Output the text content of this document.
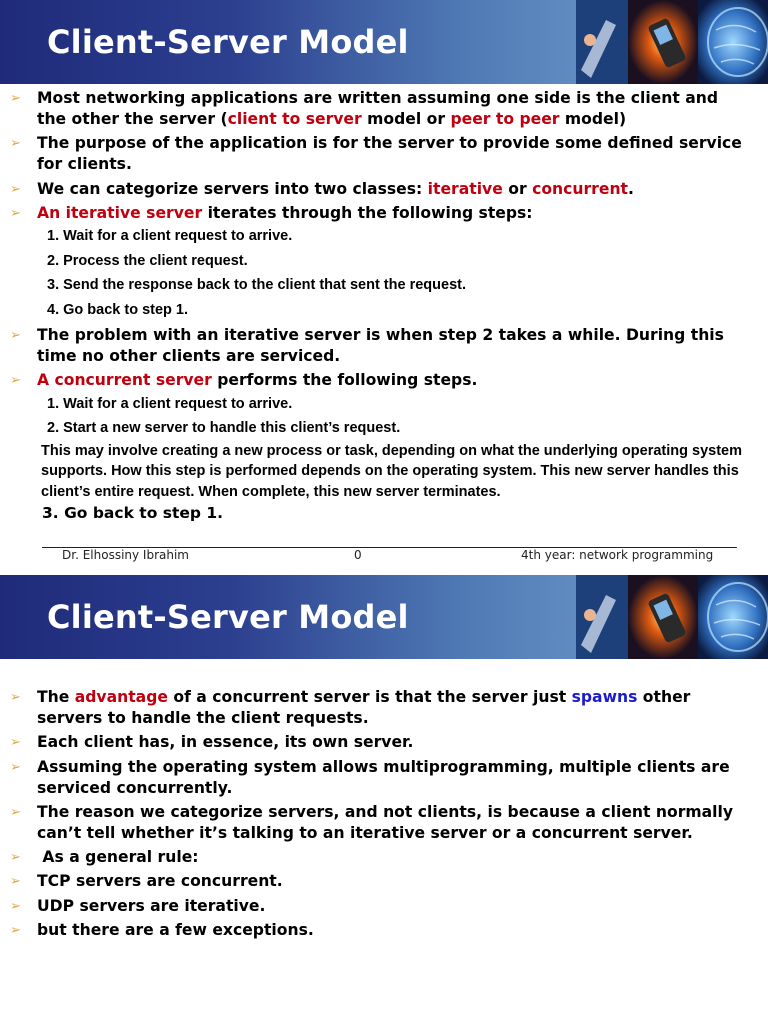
Client-Server Model
➢ Most networking applications are written assuming one side is the client and the other the server (client to server model or peer to peer model)
➢ The purpose of the application is for the server to provide some defined service for clients.
➢ We can categorize servers into two classes: iterative or concurrent.
➢ An iterative server iterates through the following steps:
1. Wait for a client request to arrive.
2. Process the client request.
3. Send the response back to the client that sent the request.
4. Go back to step 1.
➢ The problem with an iterative server is when step 2 takes a while. During this time no other clients are serviced.
➢ A concurrent server performs the following steps.
1. Wait for a client request to arrive.
2. Start a new server to handle this client’s request.
This may involve creating a new process or task, depending on what the underlying operating system supports. How this step is performed depends on the operating system. This new server handles this client’s entire request. When complete, this new server terminates.
3. Go back to step 1.
Dr. Elhossiny Ibrahim	0	4th year: network programming
Client-Server Model
➢ The advantage of a concurrent server is that the server just spawns other servers to handle the client requests.
➢ Each client has, in essence, its own server.
➢ Assuming the operating system allows multiprogramming, multiple clients are serviced concurrently.
➢ The reason we categorize servers, and not clients, is because a client normally can’t tell whether it’s talking to an iterative server or a concurrent server.
➢ As a general rule:
➢ TCP servers are concurrent.
➢ UDP servers are iterative.
➢ but there are a few exceptions.
